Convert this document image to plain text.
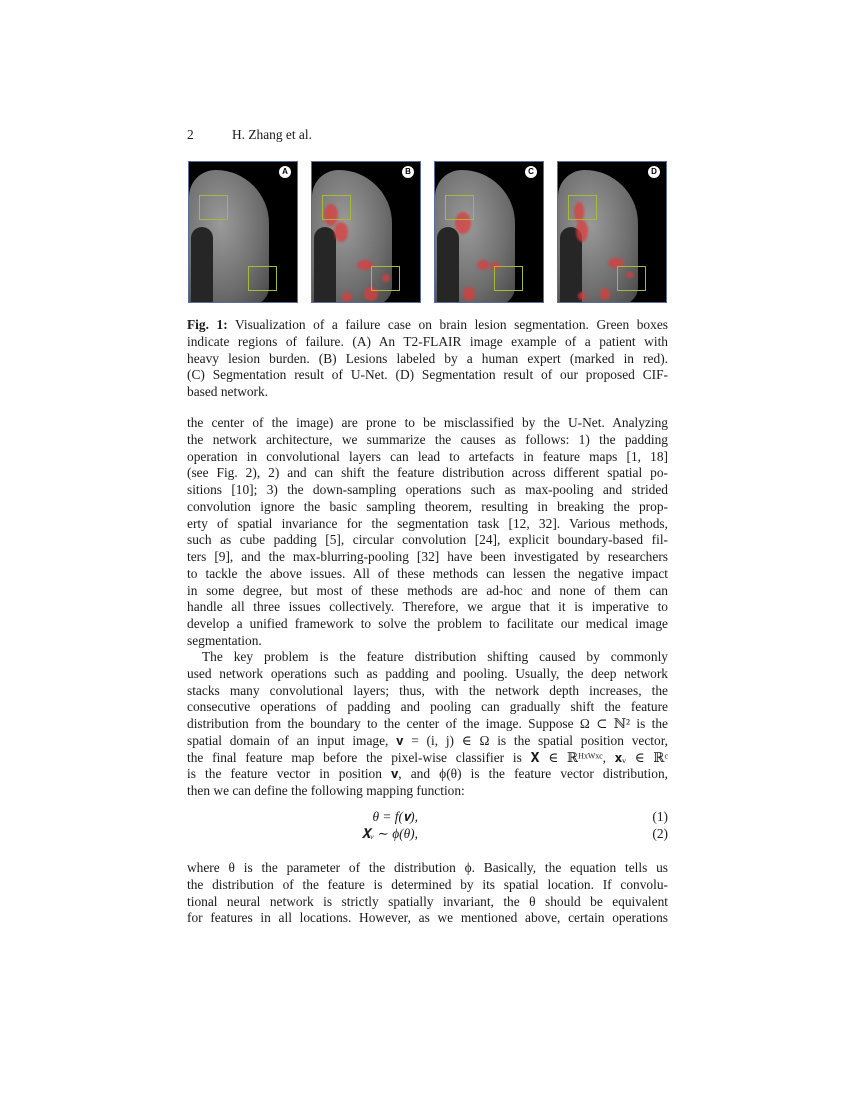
2	H. Zhang et al.
A	B	C	D
Fig. 1: Visualization of a failure case on brain lesion segmentation. Green boxes
indicate regions of failure. (A) An T2-FLAIR image example of a patient with
heavy lesion burden. (B) Lesions labeled by a human expert (marked in red).
(C) Segmentation result of U-Net. (D) Segmentation result of our proposed CIF-
based network.
the center of the image) are prone to be misclassified by the U-Net. Analyzing
the network architecture, we summarize the causes as follows: 1) the padding
operation in convolutional layers can lead to artefacts in feature maps [1, 18]
(see Fig. 2), 2) and can shift the feature distribution across different spatial po-
sitions [10]; 3) the down-sampling operations such as max-pooling and strided
convolution ignore the basic sampling theorem, resulting in breaking the prop-
erty of spatial invariance for the segmentation task [12, 32]. Various methods,
such as cube padding [5], circular convolution [24], explicit boundary-based fil-
ters [9], and the max-blurring-pooling [32] have been investigated by researchers
to tackle the above issues. All of these methods can lessen the negative impact
in some degree, but most of these methods are ad-hoc and none of them can
handle all three issues collectively. Therefore, we argue that it is imperative to
develop a unified framework to solve the problem to facilitate our medical image
segmentation.
The key problem is the feature distribution shifting caused by commonly
used network operations such as padding and pooling. Usually, the deep network
stacks many convolutional layers; thus, with the network depth increases, the
consecutive operations of padding and pooling can gradually shift the feature
distribution from the boundary to the center of the image. Suppose Ω ⊂ ℕ² is the
spatial domain of an input image, 𝐯 = (i, j) ∈ Ω is the spatial position vector,
the final feature map before the pixel-wise classifier is 𝐗 ∈ ℝᴴˣᵂˣᶜ, 𝐱ᵥ ∈ ℝᶜ
is the feature vector in position 𝐯, and ϕ(θ) is the feature vector distribution,
then we can define the following mapping function:
θ = f(𝐯),	(1)
𝐗ᵥ ∼ ϕ(θ),	(2)
where θ is the parameter of the distribution ϕ. Basically, the equation tells us
the distribution of the feature is determined by its spatial location. If convolu-
tional neural network is strictly spatially invariant, the θ should be equivalent
for features in all locations. However, as we mentioned above, certain operations
